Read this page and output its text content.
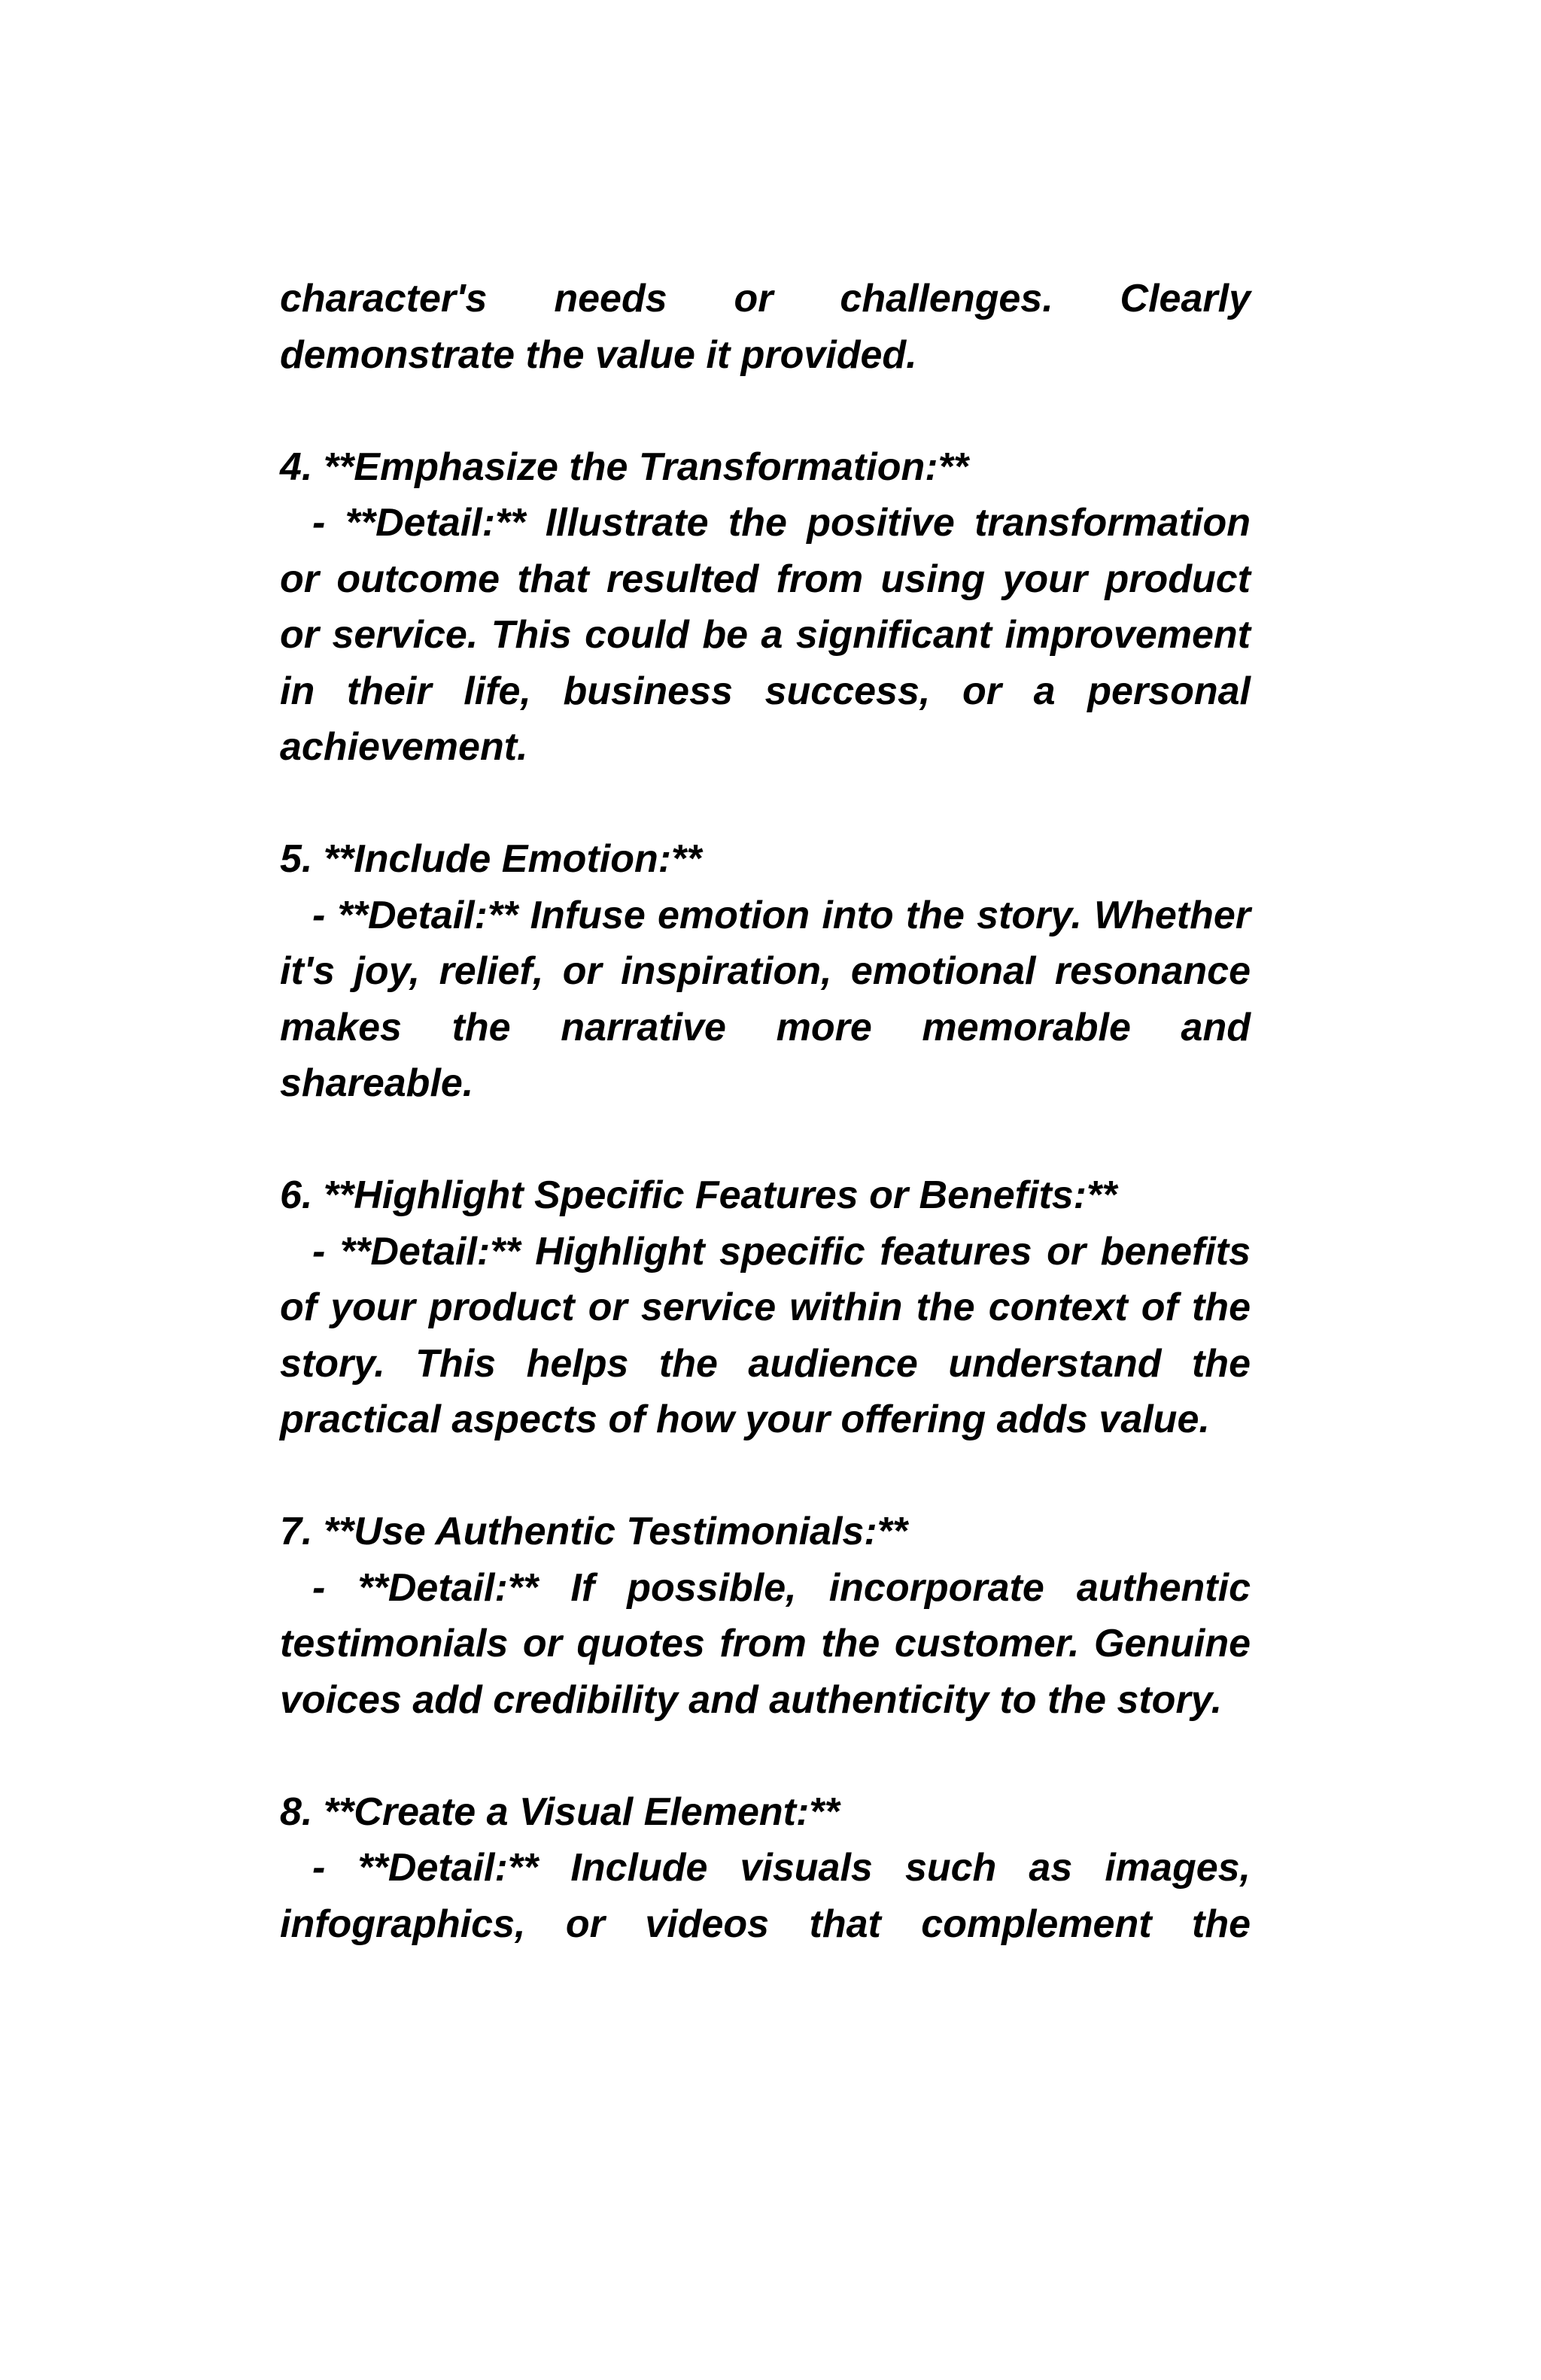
character's needs or challenges. Clearly demonstrate the value it provided.

4. **Emphasize the Transformation:**

- **Detail:** Illustrate the positive transformation or outcome that resulted from using your product or service. This could be a significant improvement in their life, business success, or a personal achievement.

5. **Include Emotion:**

- **Detail:** Infuse emotion into the story. Whether it's joy, relief, or inspiration, emotional resonance makes the narrative more memorable and shareable.

6. **Highlight Specific Features or Benefits:**

- **Detail:** Highlight specific features or benefits of your product or service within the context of the story. This helps the audience understand the practical aspects of how your offering adds value.

7. **Use Authentic Testimonials:**

- **Detail:** If possible, incorporate authentic testimonials or quotes from the customer. Genuine voices add credibility and authenticity to the story.

8. **Create a Visual Element:**

- **Detail:** Include visuals such as images, infographics, or videos that complement the
